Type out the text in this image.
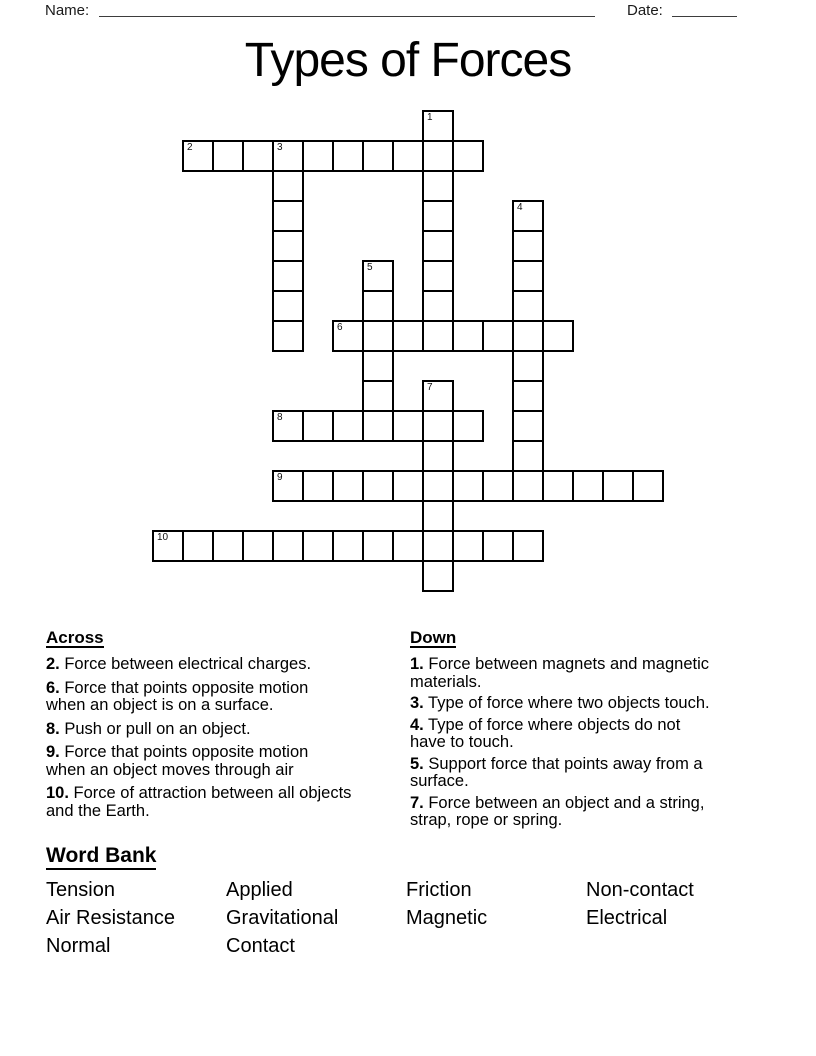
Name:	Date:
Types of Forces
1
2	3
4
5
6
7
8
9
10
Across
2. Force between electrical charges.
6. Force that points opposite motion
when an object is on a surface.
8. Push or pull on an object.
9. Force that points opposite motion
when an object moves through air
10. Force of attraction between all objects
and the Earth.
Down
1. Force between magnets and magnetic
materials.
3. Type of force where two objects touch.
4. Type of force where objects do not
have to touch.
5. Support force that points away from a
surface.
7. Force between an object and a string,
strap, rope or spring.
Word Bank
Tension	Applied	Friction	Non-contact
Air Resistance	Gravitational	Magnetic	Electrical
Normal	Contact
